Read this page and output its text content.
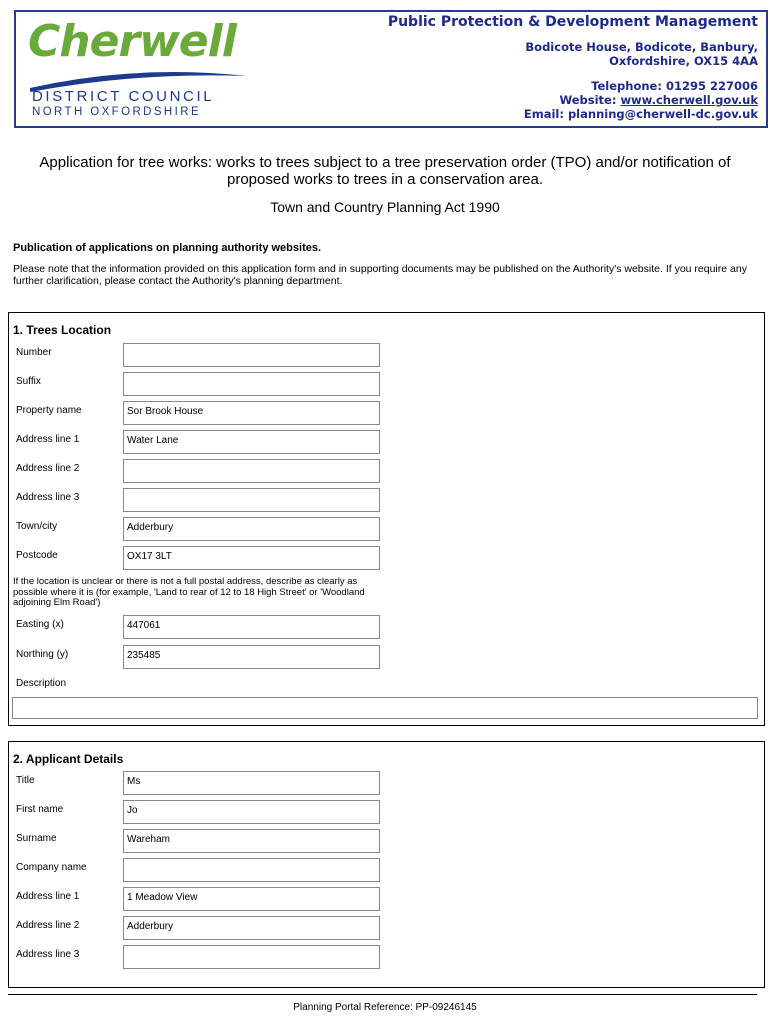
Cherwell
DISTRICT COUNCIL
NORTH OXFORDSHIRE
Public Protection & Development Management
Bodicote House, Bodicote, Banbury,
Oxfordshire, OX15 4AA
Telephone: 01295 227006
Website: www.cherwell.gov.uk
Email: planning@cherwell-dc.gov.uk
Application for tree works: works to trees subject to a tree preservation order (TPO) and/or notification of proposed works to trees in a conservation area.
Town and Country Planning Act 1990
Publication of applications on planning authority websites.
Please note that the information provided on this application form and in supporting documents may be published on the Authority's website. If you require any further clarification, please contact the Authority's planning department.
1. Trees Location
Number
Suffix
Property name	Sor Brook House
Address line 1	Water Lane
Address line 2
Address line 3
Town/city	Adderbury
Postcode	OX17 3LT
If the location is unclear or there is not a full postal address, describe as clearly as possible where it is (for example, 'Land to rear of 12 to 18 High Street' or 'Woodland adjoining Elm Road')
Easting (x)	447061
Northing (y)	235485
Description
2. Applicant Details
Title	Ms
First name	Jo
Surname	Wareham
Company name
Address line 1	1 Meadow View
Address line 2	Adderbury
Address line 3
Planning Portal Reference: PP-09246145
